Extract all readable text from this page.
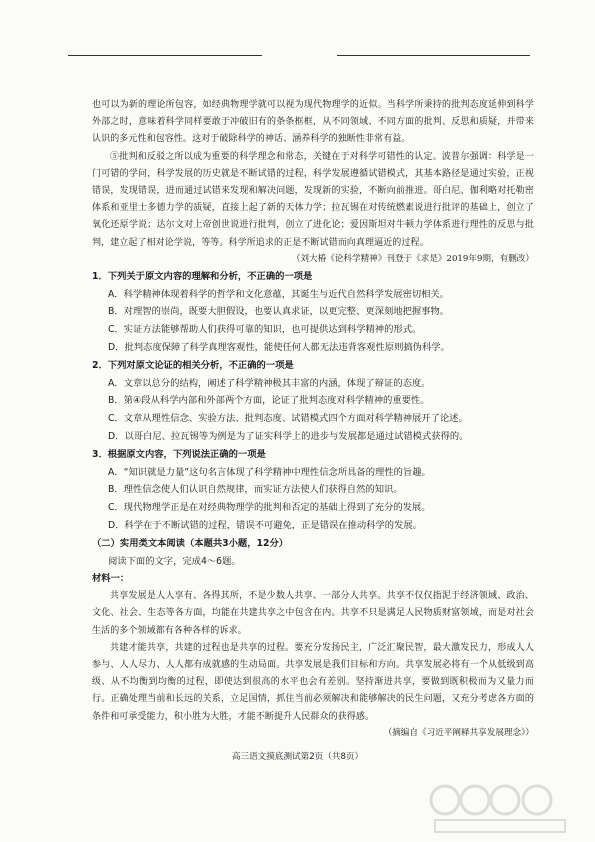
也可以为新的理论所包容，如经典物理学就可以视为现代物理学的近似。当科学所秉持的批判态度延伸到科学外部之时，意味着科学同样要敢于冲破旧有的条条框框，从不同领域、不同方面的批判、反思和质疑，并带来认识的多元性和包容性。这对于破除科学的神话、涵养科学的独断性非常有益。

⑤批判和反驳之所以成为重要的科学理念和常态，关键在于对科学可错性的认定。波普尔强调：科学是一门可错的学问，科学发展的历史就是不断试错的过程，科学发展遵循试错模式，其基本路径是通过实验，正视错误，发现错误，进而通过试错来发现和解决问题，发现新的实验，不断向前推进。哥白尼、伽利略对托勒密体系和亚里士多德力学的质疑，直接上起了新的天体力学；拉瓦锡在对传统燃素说进行批评的基础上，创立了氧化还原学说；达尔文对上帝创世说进行批判，创立了进化论；爱因斯坦对牛顿力学体系进行理性的反思与批判，建立起了相对论学说，等等。科学所追求的正是不断试错而向真理逼近的过程。

（刘大椿《论科学精神》刊登于《求是》2019年9期，有删改）

1．下列关于原文内容的理解和分析，不正确的一项是

A．科学精神体现着科学的哲学和文化意蕴，其诞生与近代自然科学发展密切相关。

B．对理智的崇尚，既要大胆假设，也要认真求证，以更完整、更深刻地把握事物。

C．实证方法能够帮助人们获得可靠的知识，也可提供达到科学精神的形式。

D．批判态度保障了科学真理客观性，能使任何人都无法违背客观性原则搞伪科学。

2．下列对原文论证的相关分析，不正确的一项是

A．文章以总分的结构，阐述了科学精神极其丰富的内涵，体现了辩证的态度。

B．第④段从科学内部和外部两个方面，论证了批判态度对科学精神的重要性。

C．文章从理性信念、实验方法、批判态度、试错模式四个方面对科学精神展开了论述。

D．以哥白尼、拉瓦锡等为例是为了证实科学上的进步与发展都是通过试错模式获得的。

3．根据原文内容，下列说法正确的一项是

A．“知识就是力量”这句名言体现了科学精神中理性信念所具备的理性的旨趣。

B．理性信念使人们认识自然规律，而实证方法使人们获得自然的知识。

C．现代物理学正是在对经典物理学的批判和否定的基础上得到了充分的发展。

D．科学在于不断试错的过程，错误不可避免，正是错误在推动科学的发展。

（二）实用类文本阅读（本题共3小题，12分）

阅读下面的文字，完成4～6题。

材料一：

共享发展是人人享有、各得其所，不是少数人共享、一部分人共享。共享不仅仅指泥于经济领域、政治、文化、社会、生态等各方面，均能在共建共享之中包含在内。共享不只是满足人民物质财富领域，而是对社会生活的多个领域都有各种各样的诉求。

共建才能共享，共建的过程也是共享的过程。要充分发扬民主，广泛汇聚民智，最大激发民力，形成人人参与、人人尽力、人人都有成就感的生动局面。共享发展是我们目标和方向。共享发展必将有一个从低级到高级、从不均衡到均衡的过程，即使达到很高的水平也会有差别。坚持渐进共享，要做到既积极而为又量力而行。正确处理当前和长远的关系，立足国情，抓住当前必须解决和能够解决的民生问题，又充分考虑各方面的条件和可承受能力，积小胜为大胜，才能不断提升人民群众的获得感。

（摘编自《习近平阐释共享发展理念》）

高三语文摸底测试第2页（共8页）
